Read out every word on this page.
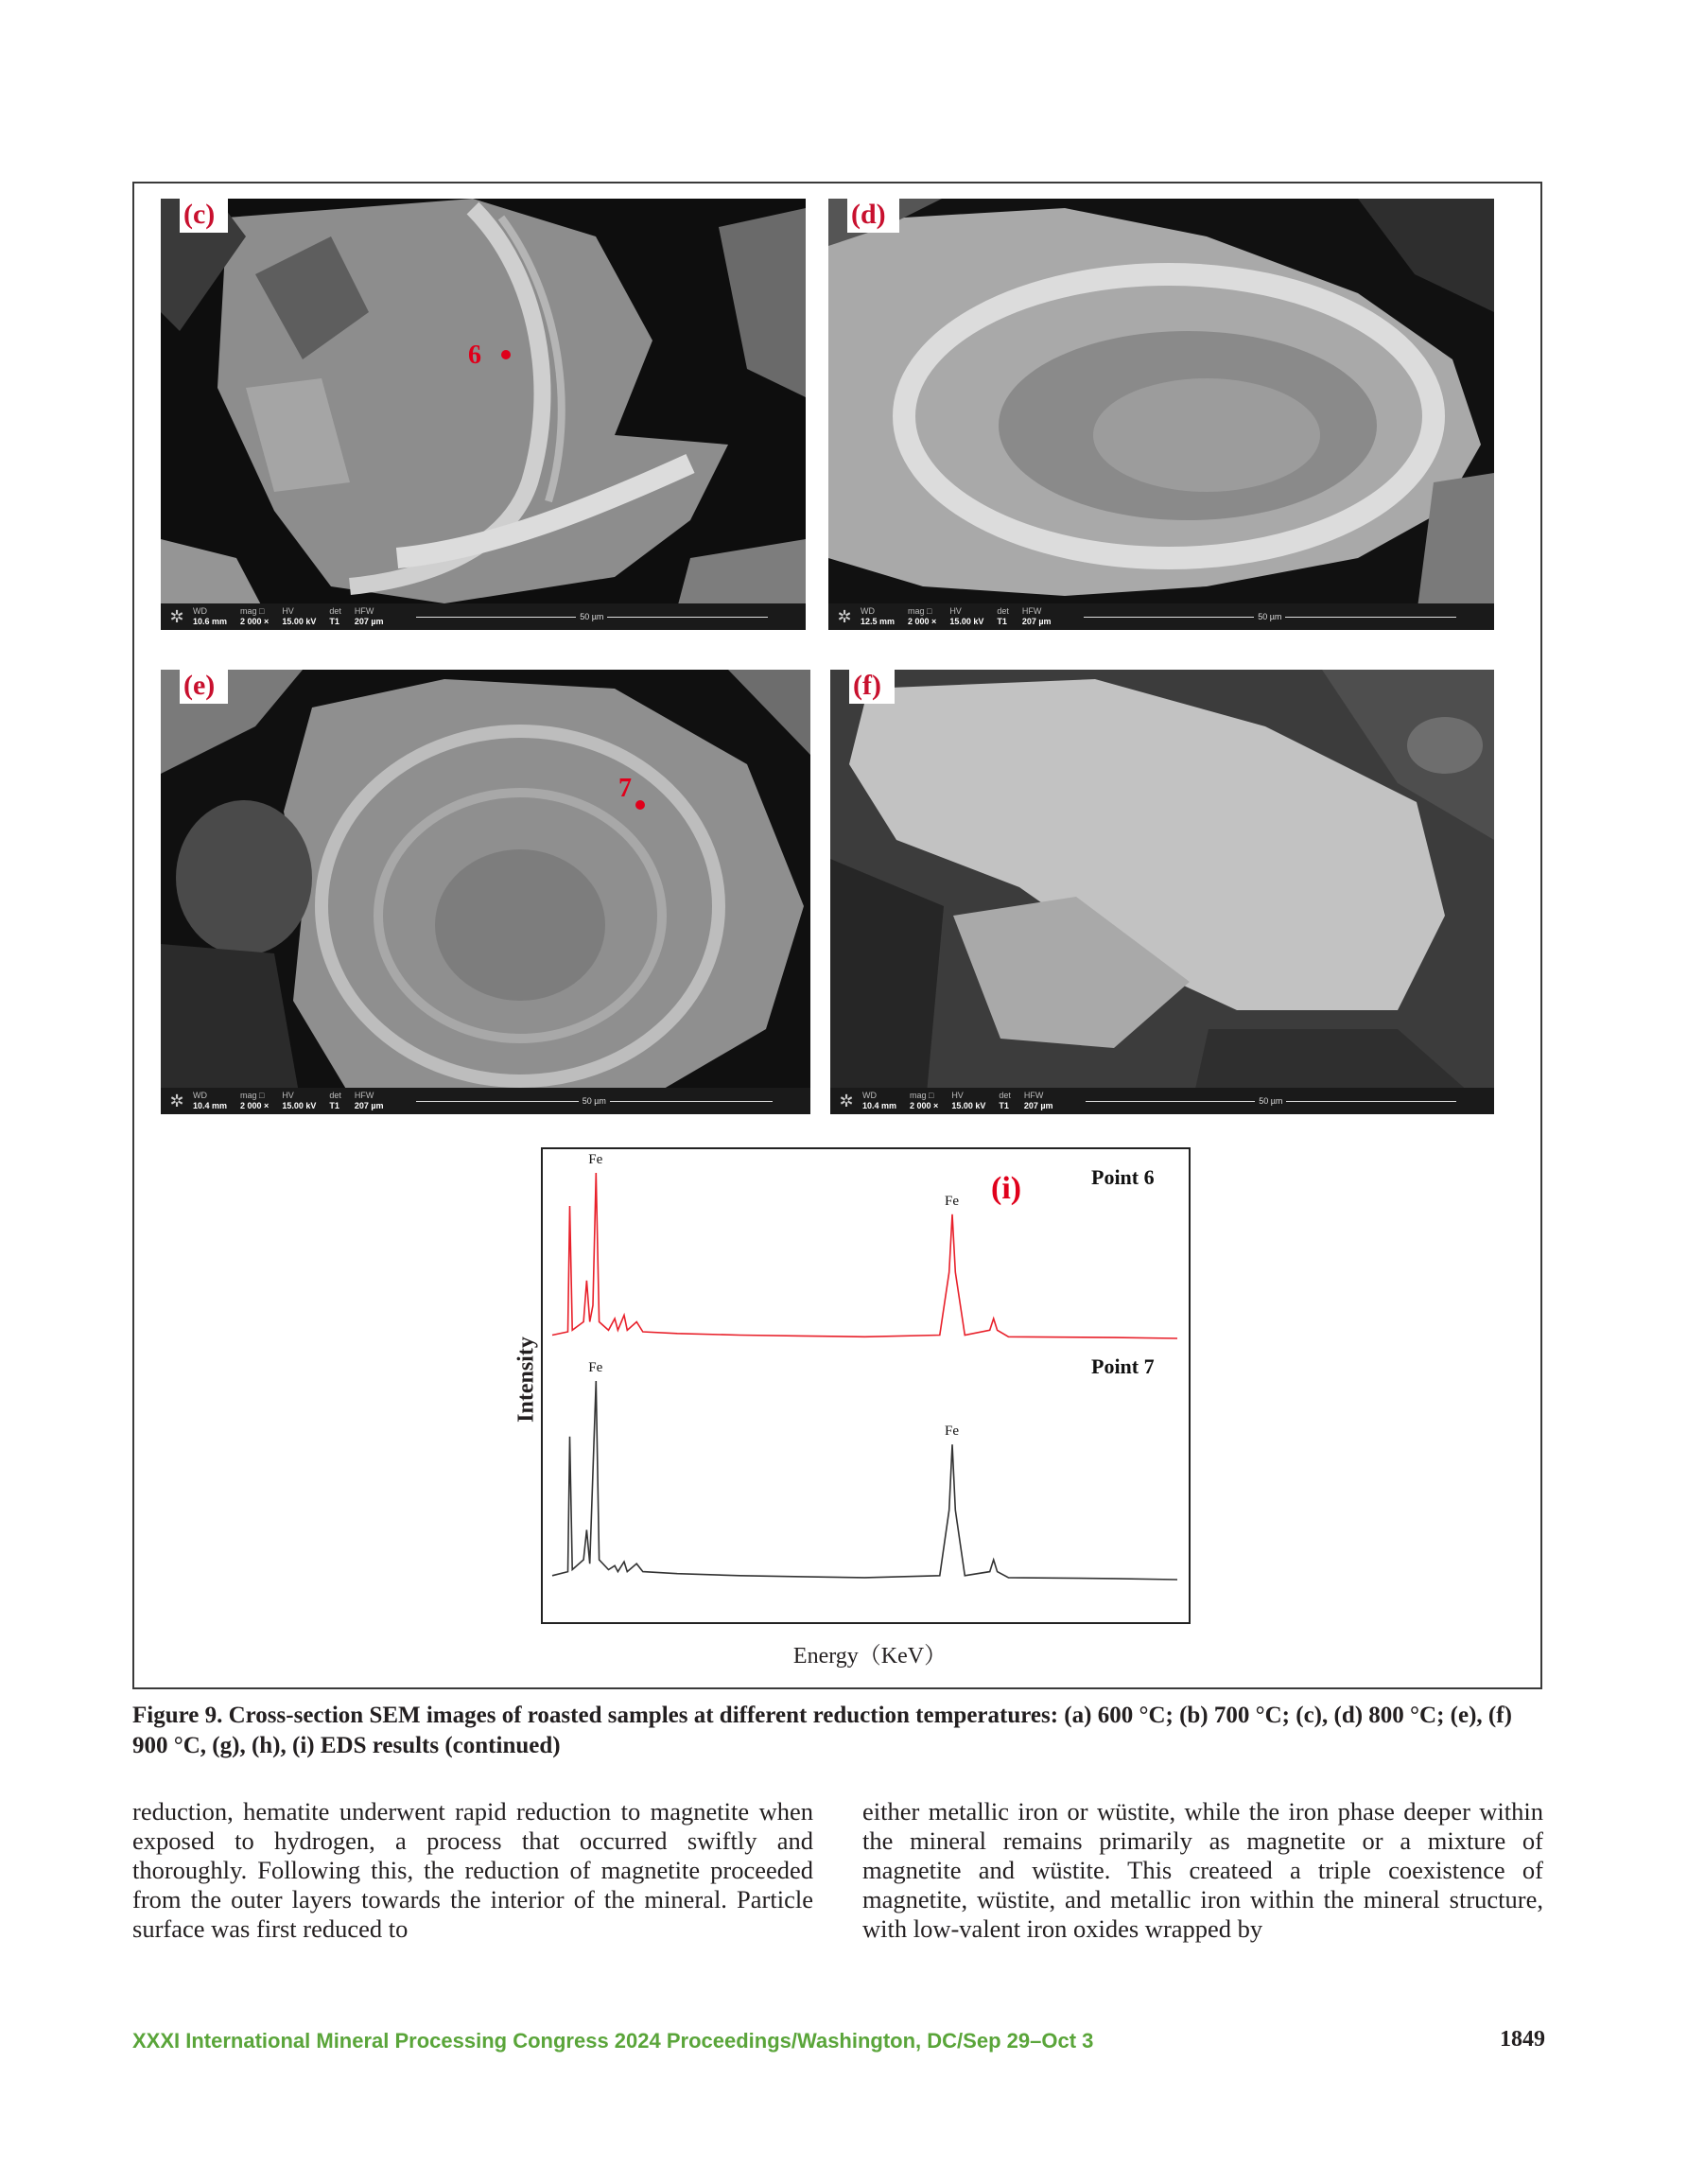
(c)
6
✲	WD
10.6 mm
mag □
2 000 ×
HV
15.00 kV
det
T1
HFW
207 µm	50 µm
(d)
✲	WD
12.5 mm
mag □
2 000 ×
HV
15.00 kV
det
T1
HFW
207 µm	50 µm
(e)
7
✲	WD
10.4 mm
mag □
2 000 ×
HV
15.00 kV
det
T1
HFW
207 µm	50 µm
(f)
✲	WD
10.4 mm
mag □
2 000 ×
HV
15.00 kV
det
T1
HFW
207 µm	50 µm
(i)	Point 6
Fe
Fe
Point 7
Fe
Fe
Intensity
Energy（KeV）
Figure 9. Cross-section SEM images of roasted samples at different reduction temperatures: (a) 600 °C; (b) 700 °C; (c), (d) 800 °C; (e), (f) 900 °C, (g), (h), (i) EDS results (continued)
reduction, hematite underwent rapid reduction to magnetite when exposed to hydrogen, a process that occurred swiftly and thoroughly. Following this, the reduction of magnetite proceeded from the outer layers towards the interior of the mineral. Particle surface was first reduced to
either metallic iron or wüstite, while the iron phase deeper within the mineral remains primarily as magnetite or a mixture of magnetite and wüstite. This createed a triple coexistence of magnetite, wüstite, and metallic iron within the mineral structure, with low-valent iron oxides wrapped by
XXXI International Mineral Processing Congress 2024 Proceedings/Washington, DC/Sep 29–Oct 3	1849
